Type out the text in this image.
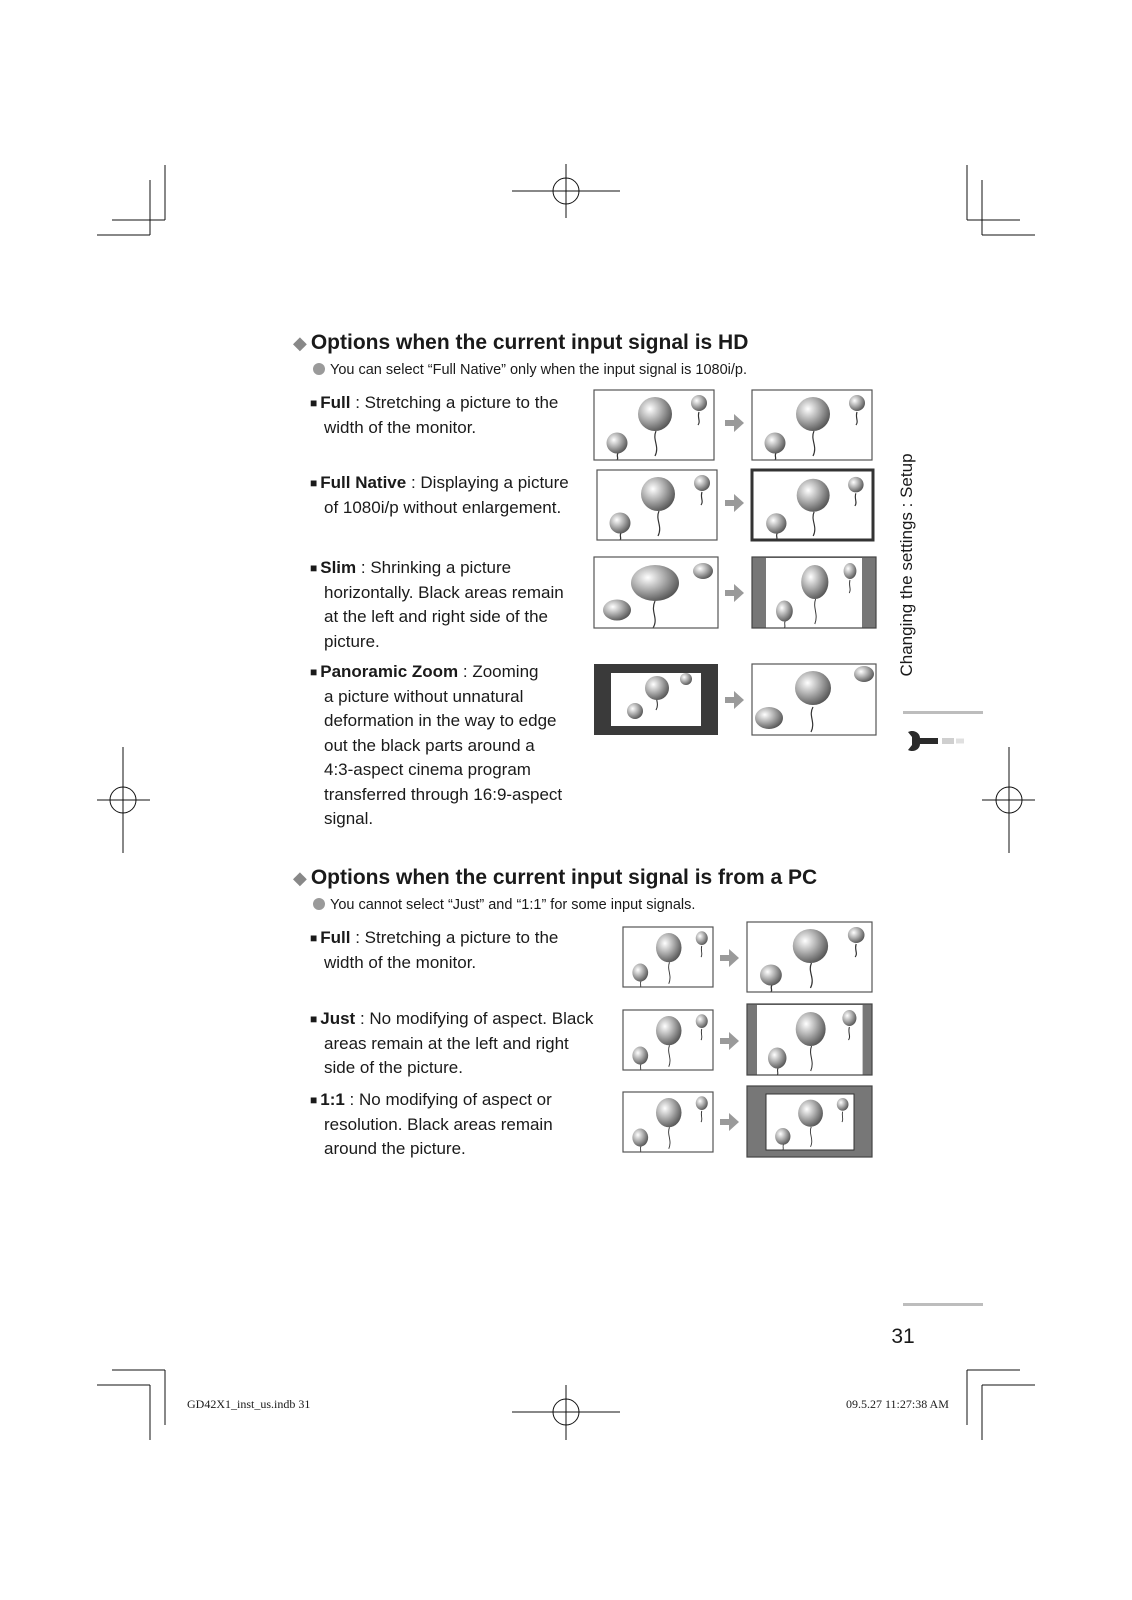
◆ Options when the current input signal is HD
You can select “Full Native” only when the input signal is 1080i/p.
■ Full : Stretching a picture to the
width of the monitor.
■ Full Native : Displaying a picture
of 1080i/p without enlargement.
■ Slim : Shrinking a picture
horizontally. Black areas remain
at the left and right side of the
picture.
■ Panoramic Zoom : Zooming
a picture without unnatural
deformation in the way to edge
out the black parts around a
4:3-aspect cinema program
transferred through 16:9-aspect
signal.
◆ Options when the current input signal is from a PC
You cannot select “Just” and “1:1” for some input signals.
■ Full : Stretching a picture to the
width of the monitor.
■ Just : No modifying of aspect. Black
areas remain at the left and right
side of the picture.
■ 1:1 : No modifying of aspect or
resolution. Black areas remain
around the picture.
Changing the settings : Setup
31
GD42X1_inst_us.indb 31	09.5.27 11:27:38 AM
